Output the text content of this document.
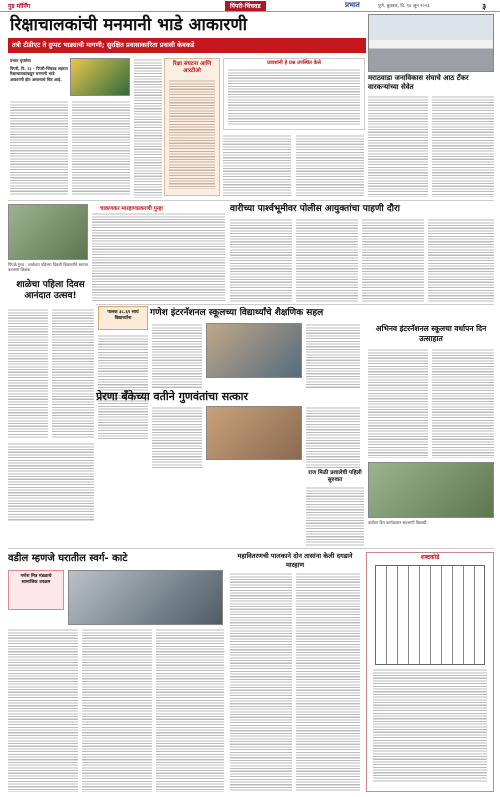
गुड मॉर्निंग	पिंपरी-चिंचवड	प्रभात	पुणे, बुधवार, दि. १४ जून २०२३	३
रिक्षाचालकांची मनमानी भाडे आकारणी
तत्री टीडीएट ते दुप्पट भाड्याची मागणी; सुरक्षित प्रवासाकारिता प्रवासी केबकडे
प्रभात वृत्तसेवा
पिंपरी, दि. १३ – पिंपरी-चिंचवड शहरात रिक्षाचालकांकडून मनमानी भाडे आकारणी होत असल्याचे चित्र आहे.
रिक्षा संघटना आणि आरटीओ
प्रवाशांनी हे प्रश्न उपस्थित केले
मराठवाडा जनाविकास संघाचे आठ टँकर वारकऱ्यांच्या सेवेत
चाकणकर मारहाणप्रकरणी गुन्हा
पिंपळे गुरव : शाळेच्या पहिल्या दिवशी विद्यार्थ्यांचे स्वागत करताना शिक्षक.
वारीच्या पार्श्वभूमीवर पोलीस आयुक्तांचा पाहणी दौरा
शाळेचा पहिला दिवस आनंदात उत्सव!
पालक ३८.६१ सायं विद्यार्थ्यांना
गणेश इंटरनॅशनल स्कूलच्या विद्यार्थ्यांचे शैक्षणिक सहल
अभिनव इंटरनॅशनल स्कूलचा वर्धापन दिन उत्साहात
प्रेरणा बँकेच्या वतीने गुणवंतांचा सत्कार
राज मिळी प्रशालेची पहिली सुरुवात
वर्धापन दिन कार्यक्रमात सहभागी विद्यार्थी.
वडील म्हणजे घरातील स्वर्ग- काटे
गणेश मित्र मंडळाचे सामाजिक उपक्रम
महावितरणची पालकाने दोन तासांना केली दगडाने मारहाण
शब्दकोडे
